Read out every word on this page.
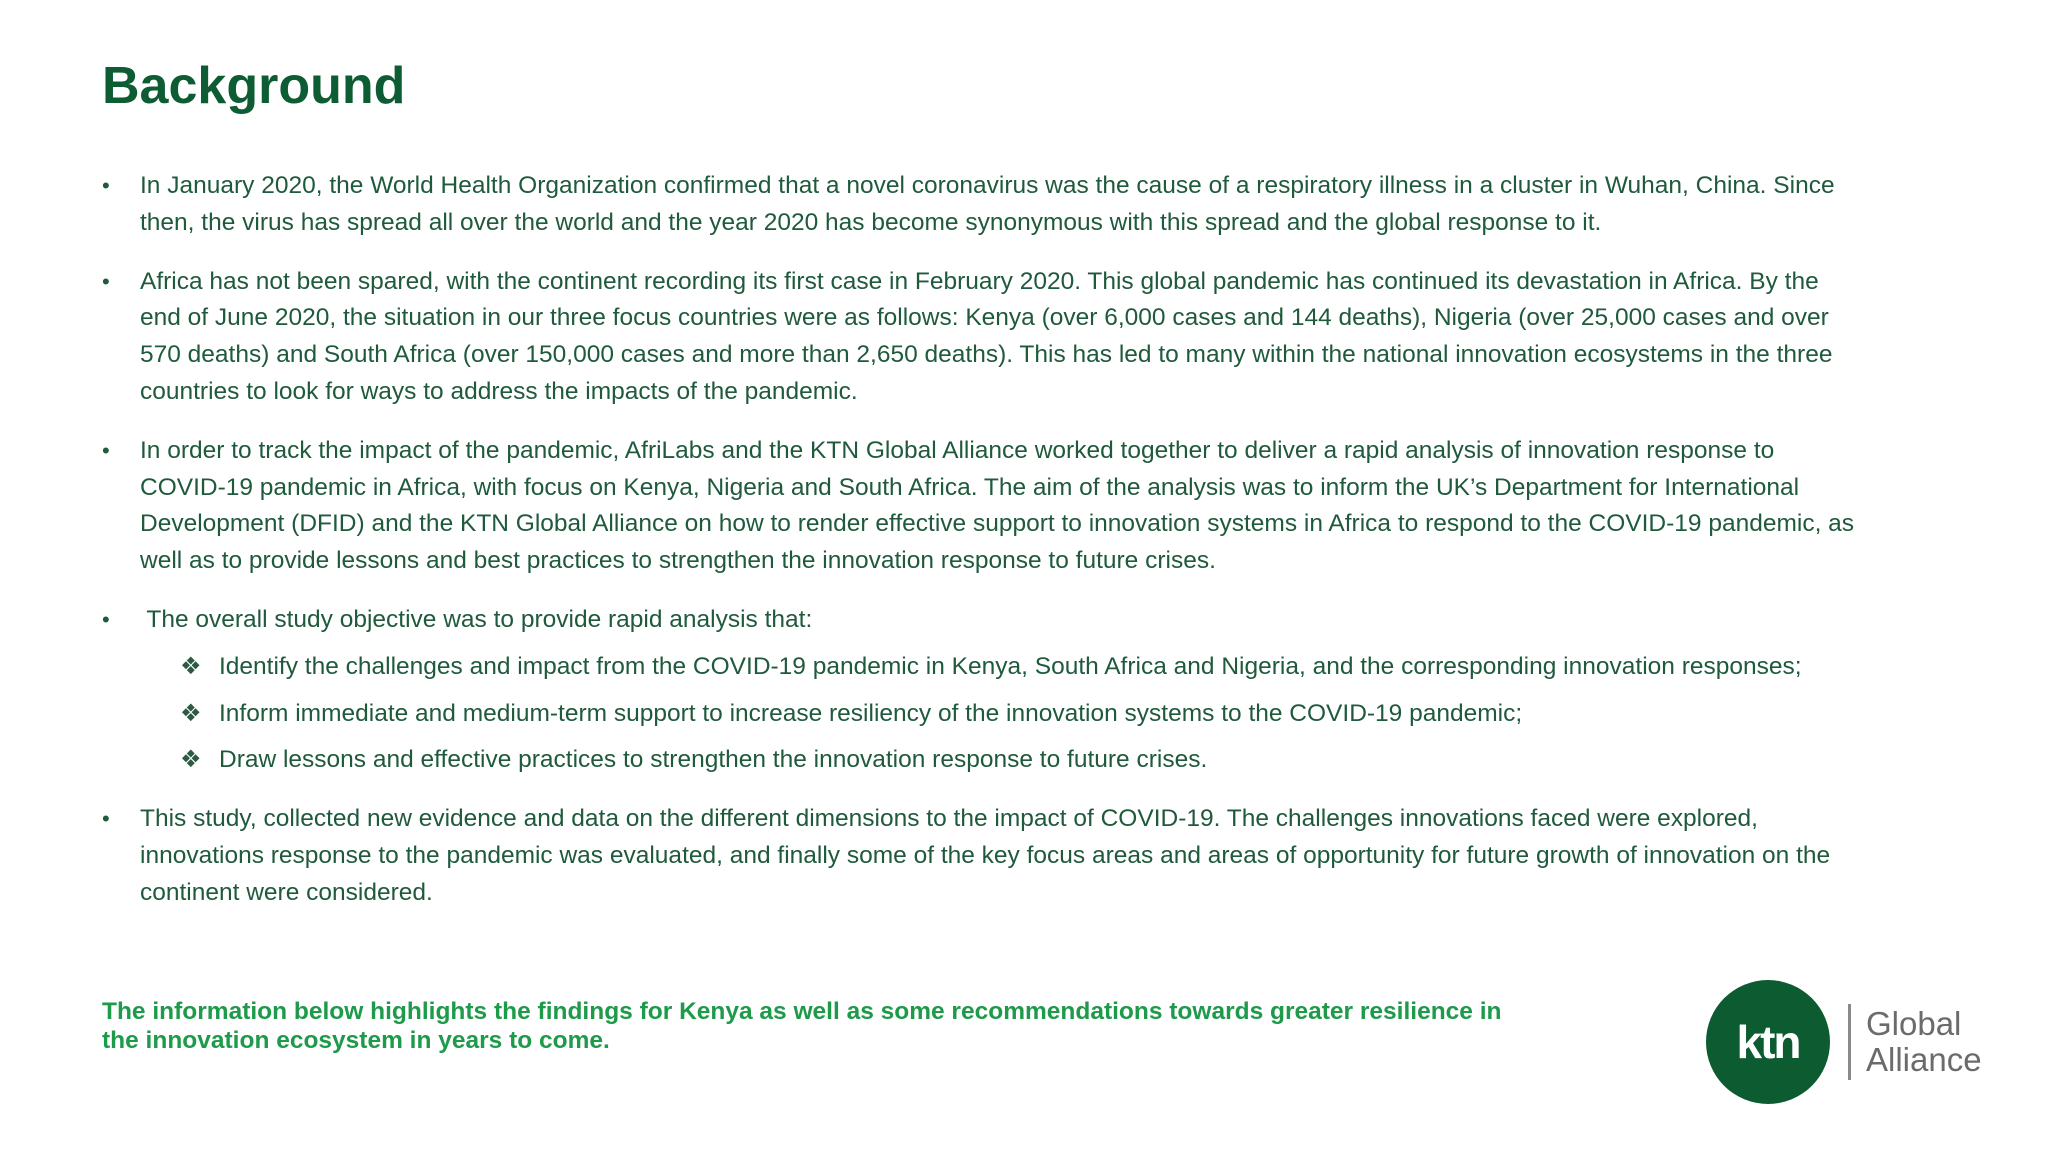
Background
•	In January 2020, the World Health Organization confirmed that a novel coronavirus was the cause of a respiratory illness in a cluster in Wuhan, China. Since then, the virus has spread all over the world and the year 2020 has become synonymous with this spread and the global response to it.
•	Africa has not been spared, with the continent recording its first case in February 2020. This global pandemic has continued its devastation in Africa. By the end of June 2020, the situation in our three focus countries were as follows: Kenya (over 6,000 cases and 144 deaths), Nigeria (over 25,000 cases and over 570 deaths) and South Africa (over 150,000 cases and more than 2,650 deaths). This has led to many within the national innovation ecosystems in the three countries to look for ways to address the impacts of the pandemic.
•	In order to track the impact of the pandemic, AfriLabs and the KTN Global Alliance worked together to deliver a rapid analysis of innovation response to COVID-19 pandemic in Africa, with focus on Kenya, Nigeria and South Africa. The aim of the analysis was to inform the UK’s Department for International Development (DFID) and the KTN Global Alliance on how to render effective support to innovation systems in Africa to respond to the COVID-19 pandemic, as well as to provide lessons and best practices to strengthen the innovation response to future crises.
•	The overall study objective was to provide rapid analysis that:
❖ Identify the challenges and impact from the COVID-19 pandemic in Kenya, South Africa and Nigeria, and the corresponding innovation responses;
❖ Inform immediate and medium-term support to increase resiliency of the innovation systems to the COVID-19 pandemic;
❖ Draw lessons and effective practices to strengthen the innovation response to future crises.
•	This study, collected new evidence and data on the different dimensions to the impact of COVID-19. The challenges innovations faced were explored, innovations response to the pandemic was evaluated, and finally some of the key focus areas and areas of opportunity for future growth of innovation on the continent were considered.

The information below highlights the findings for Kenya as well as some recommendations towards greater resilience in the innovation ecosystem in years to come.	ktn Global
Alliance
